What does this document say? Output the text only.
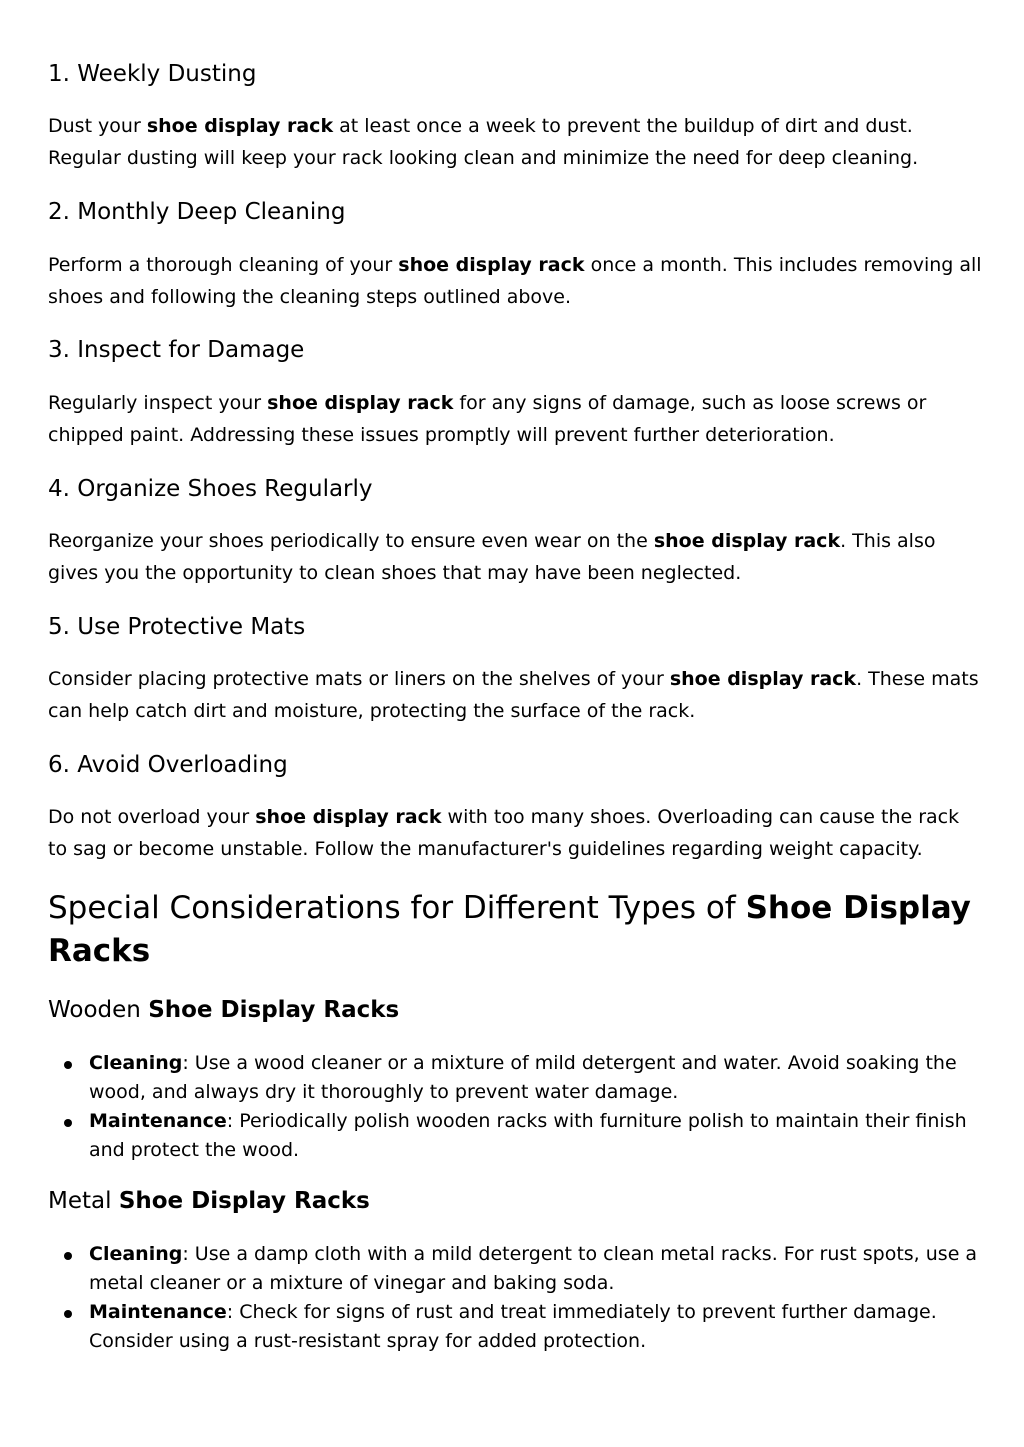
1. Weekly Dusting

Dust your shoe display rack at least once a week to prevent the buildup of dirt and dust. Regular dusting will keep your rack looking clean and minimize the need for deep cleaning.

2. Monthly Deep Cleaning

Perform a thorough cleaning of your shoe display rack once a month. This includes removing all shoes and following the cleaning steps outlined above.

3. Inspect for Damage

Regularly inspect your shoe display rack for any signs of damage, such as loose screws or chipped paint. Addressing these issues promptly will prevent further deterioration.

4. Organize Shoes Regularly

Reorganize your shoes periodically to ensure even wear on the shoe display rack. This also gives you the opportunity to clean shoes that may have been neglected.

5. Use Protective Mats

Consider placing protective mats or liners on the shelves of your shoe display rack. These mats can help catch dirt and moisture, protecting the surface of the rack.

6. Avoid Overloading

Do not overload your shoe display rack with too many shoes. Overloading can cause the rack to sag or become unstable. Follow the manufacturer's guidelines regarding weight capacity.

Special Considerations for Different Types of Shoe Display Racks
Wooden Shoe Display Racks
Cleaning: Use a wood cleaner or a mixture of mild detergent and water. Avoid soaking the wood, and always dry it thoroughly to prevent water damage.
Maintenance: Periodically polish wooden racks with furniture polish to maintain their finish and protect the wood.
Metal Shoe Display Racks
Cleaning: Use a damp cloth with a mild detergent to clean metal racks. For rust spots, use a metal cleaner or a mixture of vinegar and baking soda.
Maintenance: Check for signs of rust and treat immediately to prevent further damage. Consider using a rust-resistant spray for added protection.
